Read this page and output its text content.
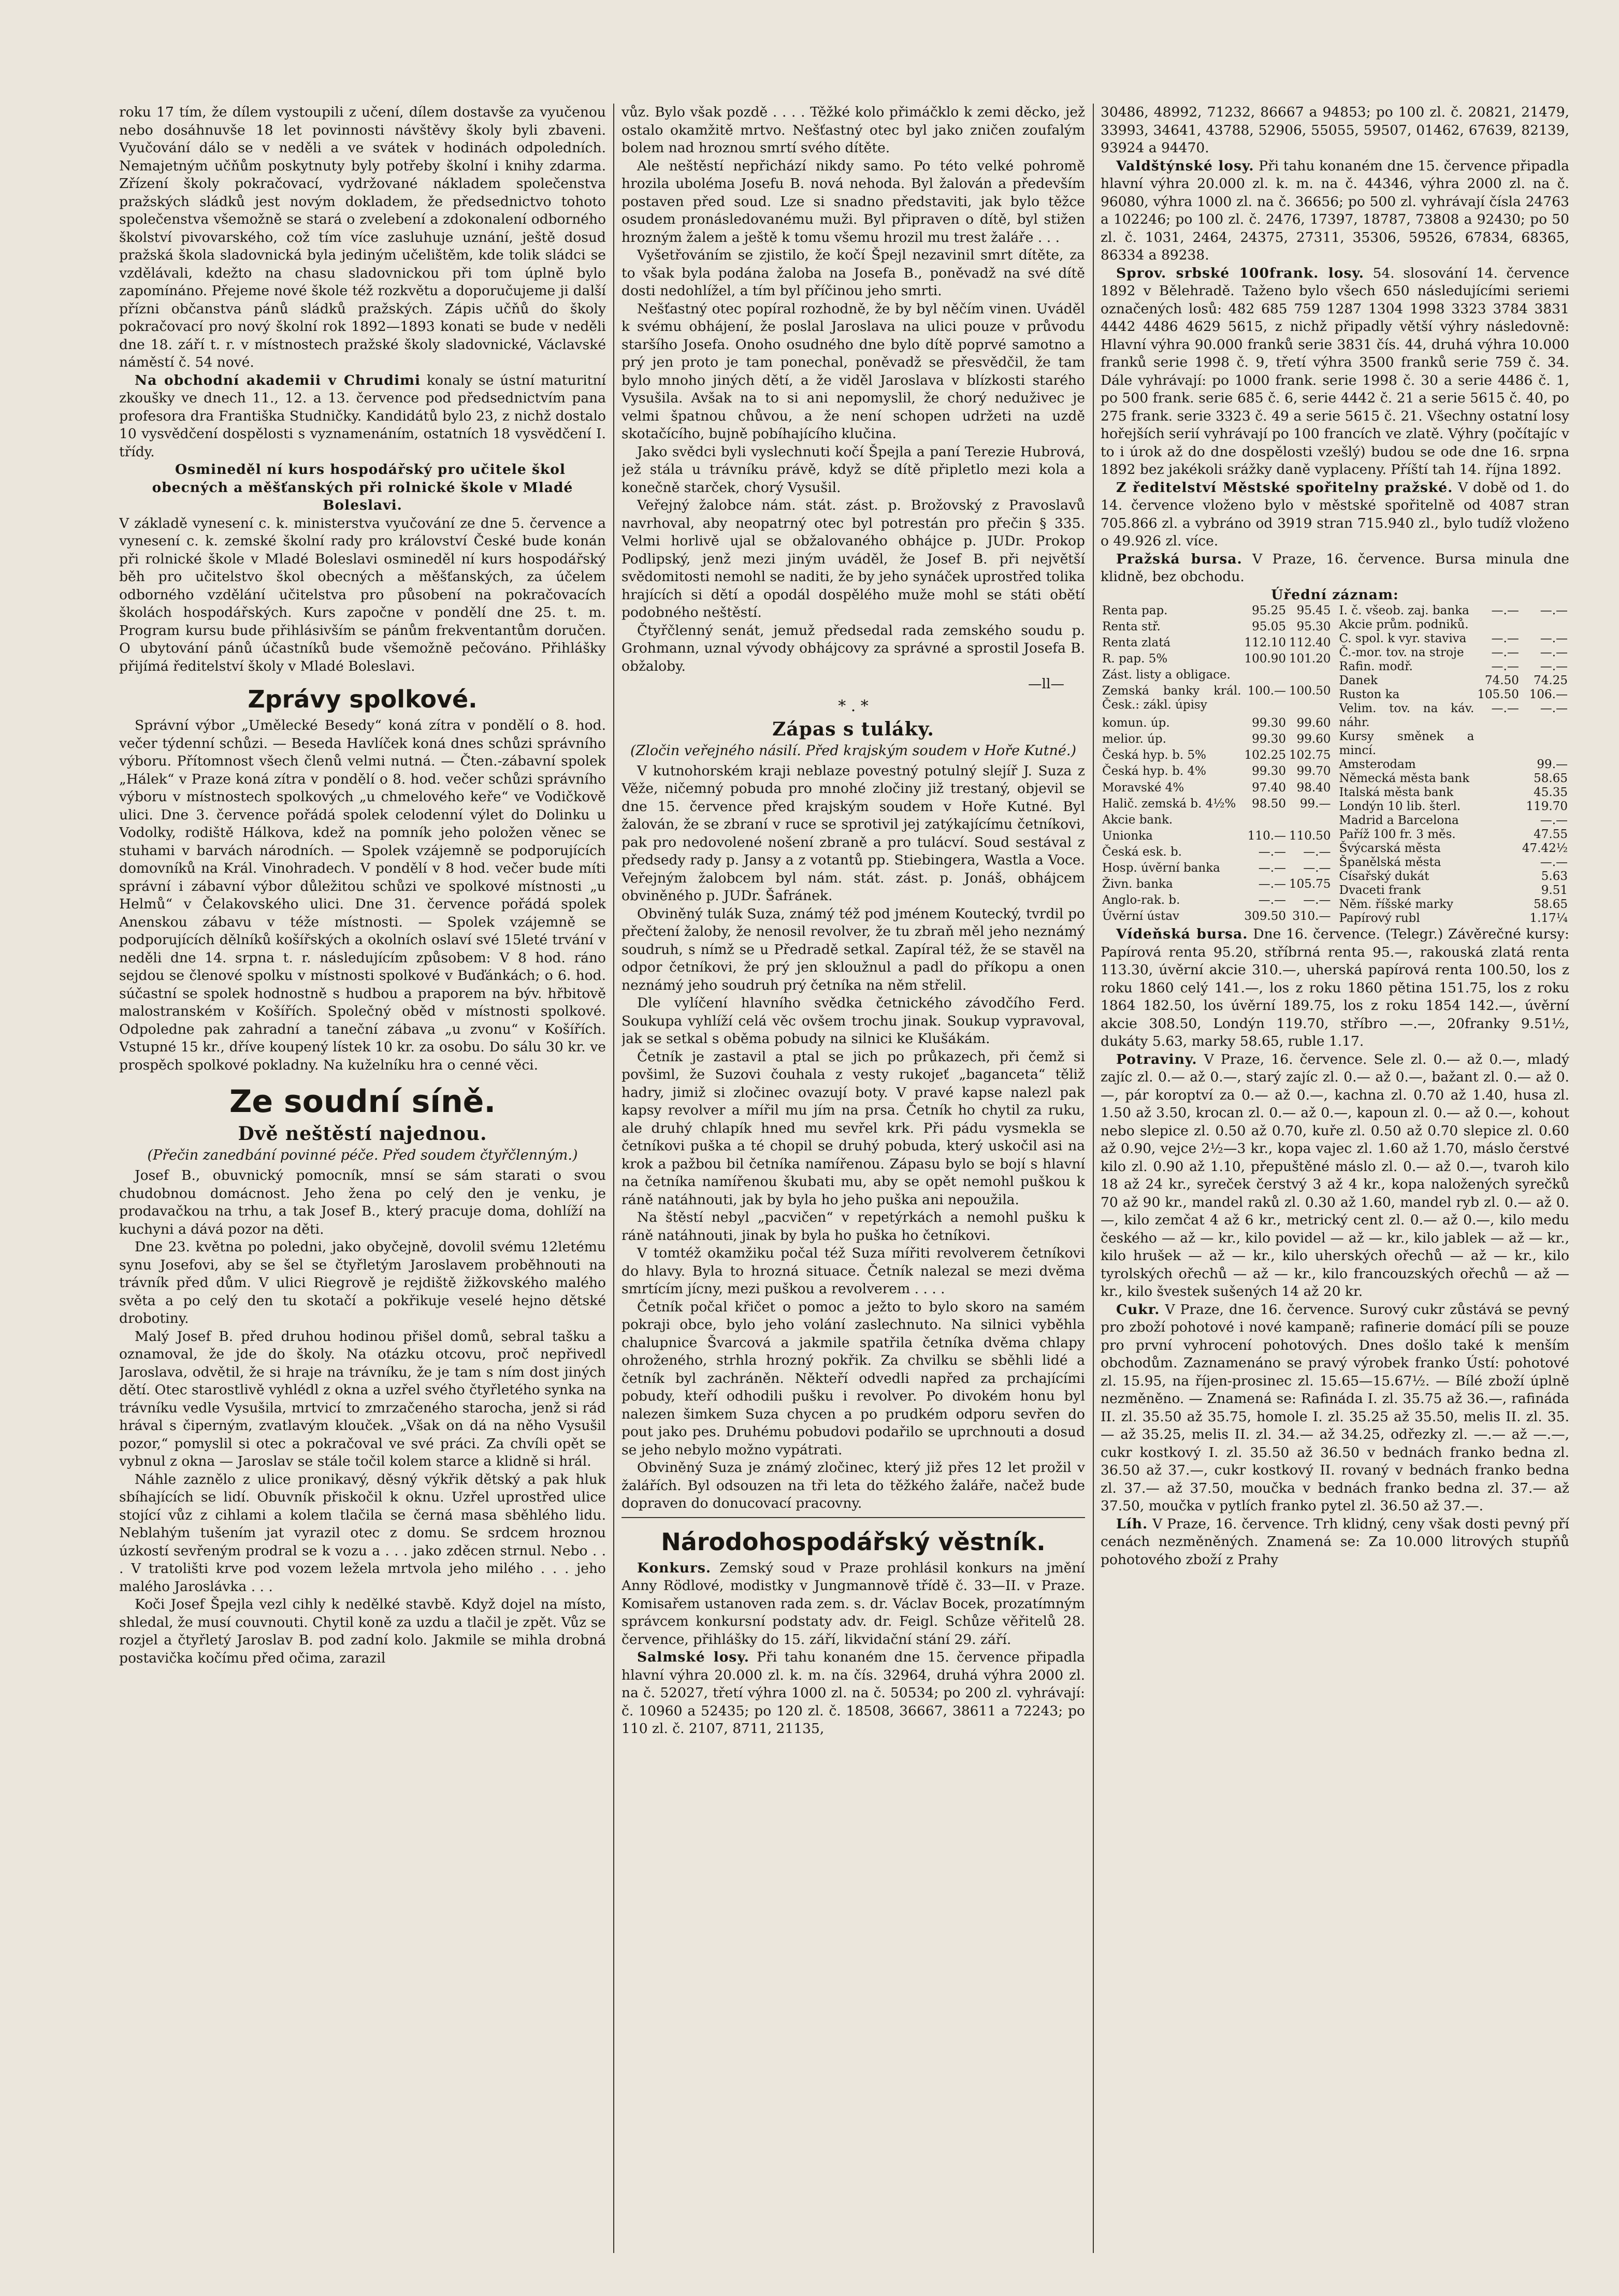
roku 17 tím, že dílem vystoupili z učení, dílem dostavše za vyučenou nebo dosáhnuvše 18 let povinnosti návštěvy školy byli zbaveni. Vyučování dálo se v neděli a ve svátek v hodinách odpoledních. Nemajetným učňům poskytnuty byly potřeby školní i knihy zdarma. Zřízení školy pokračovací, vydržované nákladem společenstva pražských sládků jest novým dokladem, že předsednictvo tohoto společenstva všemožně se stará o zvelebení a zdokonalení odborného školství pivovarského, což tím více zasluhuje uznání, ještě dosud pražská škola sladovnická byla jediným učelištěm, kde tolik sládci se vzdělávali, kdežto na chasu sladovnickou při tom úplně bylo zapomínáno. Přejeme nové škole též rozkvětu a doporučujeme ji další přízni občanstva pánů sládků pražských. Zápis učňů do školy pokračovací pro nový školní rok 1892—1893 konati se bude v neděli dne 18. září t. r. v místnostech pražské školy sladovnické, Václavské náměstí č. 54 nové.

Na obchodní akademii v Chrudimi konaly se ústní maturitní zkoušky ve dnech 11., 12. a 13. července pod předsednictvím pana profesora dra Františka Studničky. Kandidátů bylo 23, z nichž dostalo 10 vysvědčení dospělosti s vyznamenáním, ostatních 18 vysvědčení I. třídy.

Osmineděl ní kurs hospodářský pro učitele škol obecných a měšťanských při rolnické škole v Mladé Boleslavi.

V základě vynesení c. k. ministerstva vyučování ze dne 5. července a vynesení c. k. zemské školní rady pro království České bude konán při rolnické škole v Mladé Boleslavi osmineděl ní kurs hospodářský běh pro učitelstvo škol obecných a měšťanských, za účelem odborného vzdělání učitelstva pro působení na pokračovacích školách hospodářských. Kurs započne v pondělí dne 25. t. m. Program kursu bude přihlásivším se pánům frekventantům doručen. O ubytování pánů účastníků bude všemožně pečováno. Přihlášky přijímá ředitelství školy v Mladé Boleslavi.

Zprávy spolkové.

Správní výbor „Umělecké Besedy“ koná zítra v pondělí o 8. hod. večer týdenní schůzi. — Beseda Havlíček koná dnes schůzi správního výboru. Přítomnost všech členů velmi nutná. — Čten.-zábavní spolek „Hálek“ v Praze koná zítra v pondělí o 8. hod. večer schůzi správního výboru v místnostech spolkových „u chmelového keře“ ve Vodičkově ulici. Dne 3. července pořádá spolek celodenní výlet do Dolinku u Vodolky, rodiště Hálkova, kdež na pomník jeho položen věnec se stuhami v barvách národních. — Spolek vzájemně se podporujících domovníků na Král. Vinohradech. V pondělí v 8 hod. večer bude míti správní i zábavní výbor důležitou schůzi ve spolkové místnosti „u Helmů“ v Čelakovského ulici. Dne 31. července pořádá spolek Anenskou zábavu v téže místnosti. — Spolek vzájemně se podporujících dělníků košířských a okolních oslaví své 15leté trvání v neděli dne 14. srpna t. r. následujícím způsobem: V 8 hod. ráno sejdou se členové spolku v místnosti spolkové v Buďánkách; o 6. hod. súčastní se spolek hodnostně s hudbou a praporem na býv. hřbitově malostranském v Košířích. Společný oběd v místnosti spolkové. Odpoledne pak zahradní a taneční zábava „u zvonu“ v Košířích. Vstupné 15 kr., dříve koupený lístek 10 kr. za osobu. Do sálu 30 kr. ve prospěch spolkové pokladny. Na kuželníku hra o cenné věci.

Ze soudní síně.
Dvě neštěstí najednou.
(Přečin zanedbání povinné péče. Před soudem čtyřčlenným.)

Josef B., obuvnický pomocník, mnsí se sám starati o svou chudobnou domácnost. Jeho žena po celý den je venku, je prodavačkou na trhu, a tak Josef B., který pracuje doma, dohlíží na kuchyni a dává pozor na děti.

Dne 23. května po poledni, jako obyčejně, dovolil svému 12letému synu Josefovi, aby se šel se čtyřletým Jaroslavem proběhnouti na trávník před dům. V ulici Riegrově je rejdiště žižkovského malého světa a po celý den tu skotačí a pokřikuje veselé hejno dětské drobotiny.

Malý Josef B. před druhou hodinou přišel domů, sebral tašku a oznamoval, že jde do školy. Na otázku otcovu, proč nepřivedl Jaroslava, odvětil, že si hraje na trávníku, že je tam s ním dost jiných dětí. Otec starostlivě vyhlédl z okna a uzřel svého čtyřletého synka na trávníku vedle Vysušila, mrtvicí to zmrzačeného starocha, jenž si rád hrával s čiperným, zvatlavým klouček. „Však on dá na něho Vysušil pozor,“ pomyslil si otec a pokračoval ve své práci. Za chvíli opět se vybnul z okna — Jaroslav se stále točil kolem starce a klidně si hrál.

Náhle zaznělo z ulice pronikavý, děsný výkřik dětský a pak hluk sbíhajících se lidí. Obuvník přiskočil k oknu. Uzřel uprostřed ulice stojící vůz z cihlami a kolem tlačila se černá masa sběhlého lidu. Neblahým tušením jat vyrazil otec z domu. Se srdcem hroznou úzkostí sevřeným prodral se k vozu a . . . jako zděcen strnul. Nebo . . . V tratolišti krve pod vozem ležela mrtvola jeho milého . . . jeho malého Jaroslávka . . .

Koči Josef Špejla vezl cihly k nedělké stavbě. Když dojel na místo, shledal, že musí couvnouti. Chytil koně za uzdu a tlačil je zpět. Vůz se rozjel a čtyřletý Jaroslav B. pod zadní kolo. Jakmile se mihla drobná postavička kočímu před očima, zarazil

vůz. Bylo však pozdě . . . . Těžké kolo přimáčklo k zemi děcko, jež ostalo okamžitě mrtvo. Nešťastný otec byl jako zničen zoufalým bolem nad hroznou smrtí svého dítěte.

Ale neštěstí nepřichází nikdy samo. Po této velké pohromě hrozila uboléma Josefu B. nová nehoda. Byl žalován a především postaven před soud. Lze si snadno představiti, jak bylo těžce osudem pronásledovanému muži. Byl připraven o dítě, byl stižen hrozným žalem a ještě k tomu všemu hrozil mu trest žaláře . . .

Vyšetřováním se zjistilo, že kočí Špejl nezavinil smrt dítěte, za to však byla podána žaloba na Josefa B., poněvadž na své dítě dosti nedohlížel, a tím byl příčinou jeho smrti.

Nešťastný otec popíral rozhodně, že by byl něčím vinen. Uváděl k svému obhájení, že poslal Jaroslava na ulici pouze v průvodu staršího Josefa. Onoho osudného dne bylo dítě poprvé samotno a prý jen proto je tam ponechal, poněvadž se přesvědčil, že tam bylo mnoho jiných dětí, a že viděl Jaroslava v blízkosti starého Vysušila. Avšak na to si ani nepomyslil, že chorý neduživec je velmi špatnou chůvou, a že není schopen udržeti na uzdě skotačícího, bujně pobíhajícího klučina.

Jako svědci byli vyslechnuti kočí Špejla a paní Terezie Hubrová, jež stála u trávníku právě, když se dítě připletlo mezi kola a konečně starček, chorý Vysušil.

Veřejný žalobce nám. stát. zást. p. Brožovský z Pravoslavů navrhoval, aby neopatrný otec byl potrestán pro přečin § 335. Velmi horlivě ujal se obžalovaného obhájce p. JUDr. Prokop Podlipský, jenž mezi jiným uváděl, že Josef B. při největší svědomitosti nemohl se naditi, že by jeho synáček uprostřed tolika hrajících si dětí a opodál dospělého muže mohl se státi obětí podobného neštěstí.

Čtyřčlenný senát, jemuž předsedal rada zemského soudu p. Grohmann, uznal vývody obhájcovy za správné a sprostil Josefa B. obžaloby.

—ll—
* . *
Zápas s tuláky.
(Zločin veřejného násilí. Před krajským soudem v Hoře Kutné.)

V kutnohorském kraji neblaze povestný potulný slejíř J. Suza z Věže, ničemný pobuda pro mnohé zločiny již trestaný, objevil se dne 15. července před krajským soudem v Hoře Kutné. Byl žalován, že se zbraní v ruce se sprotivil jej zatýkajícímu četníkovi, pak pro nedovolené nošení zbraně a pro tulácví. Soud sestával z předsedy rady p. Jansy a z votantů pp. Stiebingera, Wastla a Voce. Veřejným žalobcem byl nám. stát. zást. p. Jonáš, obhájcem obviněného p. JUDr. Šafránek.

Obviněný tulák Suza, známý též pod jménem Koutecký, tvrdil po přečtení žaloby, že nenosil revolver, že tu zbraň měl jeho neznámý soudruh, s nímž se u Předradě setkal. Zapíral též, že se stavěl na odpor četníkovi, že prý jen skloužnul a padl do příkopu a onen neznámý jeho soudruh prý četníka na něm střelil.

Dle vylíčení hlavního svědka četnického závodčího Ferd. Soukupa vyhlíží celá věc ovšem trochu jinak. Soukup vypravoval, jak se setkal s oběma pobudy na silnici ke Klušákám.

Četník je zastavil a ptal se jich po průkazech, při čemž si povšiml, že Suzovi čouhala z vesty rukojeť „baganceta“ těliž hadry, jimiž si zločinec ovazují boty. V pravé kapse nalezl pak kapsy revolver a mířil mu jím na prsa. Četník ho chytil za ruku, ale druhý chlapík hned mu sevřel krk. Při pádu vysmekla se četníkovi puška a té chopil se druhý pobuda, který uskočil asi na krok a pažbou bil četníka namířenou. Zápasu bylo se bojí s hlavní na četníka namířenou škubati mu, aby se opět nemohl puškou k ráně natáhnouti, jak by byla ho jeho puška ani nepoužila.

Na štěstí nebyl „pacvičen“ v repetýrkách a nemohl pušku k ráně natáhnouti, jinak by byla ho puška ho četníkovi.

V tomtéž okamžiku počal též Suza mířiti revolverem četníkovi do hlavy. Byla to hrozná situace. Četník nalezal se mezi dvěma smrtícím jícny, mezi puškou a revolverem . . . .

Četník počal křičet o pomoc a ježto to bylo skoro na samém pokraji obce, bylo jeho volání zaslechnuto. Na silnici vyběhla chalupnice Švarcová a jakmile spatřila četníka dvěma chlapy ohroženého, strhla hrozný pokřik. Za chvilku se sběhli lidé a četník byl zachráněn. Někteří odvedli napřed za prchajícími pobudy, kteří odhodili pušku i revolver. Po divokém honu byl nalezen šimkem Suza chycen a po prudkém odporu sevřen do pout jako pes. Druhému pobudovi podařilo se uprchnouti a dosud se jeho nebylo možno vypátrati.

Obviněný Suza je známý zločinec, který již přes 12 let prožil v žalářích. Byl odsouzen na tři leta do těžkého žaláře, načež bude dopraven do donucovací pracovny.

Národohospodářský věstník.

Konkurs. Zemský soud v Praze prohlásil konkurs na jmění Anny Rödlové, modistky v Jungmannově třídě č. 33—II. v Praze. Komisařem ustanoven rada zem. s. dr. Václav Bocek, prozatímným správcem konkursní podstaty adv. dr. Feigl. Schůze věřitelů 28. července, přihlášky do 15. září, likvidační stání 29. září.

Salmské losy. Při tahu konaném dne 15. července připadla hlavní výhra 20.000 zl. k. m. na čís. 32964, druhá výhra 2000 zl. na č. 52027, třetí výhra 1000 zl. na č. 50534; po 200 zl. vyhrávají: č. 10960 a 52435; po 120 zl. č. 18508, 36667, 38611 a 72243; po 110 zl. č. 2107, 8711, 21135,

30486, 48992, 71232, 86667 a 94853; po 100 zl. č. 20821, 21479, 33993, 34641, 43788, 52906, 55055, 59507, 01462, 67639, 82139, 93924 a 94470.

Valdštýnské losy. Při tahu konaném dne 15. července připadla hlavní výhra 20.000 zl. k. m. na č. 44346, výhra 2000 zl. na č. 96080, výhra 1000 zl. na č. 36656; po 500 zl. vyhrávají čísla 24763 a 102246; po 100 zl. č. 2476, 17397, 18787, 73808 a 92430; po 50 zl. č. 1031, 2464, 24375, 27311, 35306, 59526, 67834, 68365, 86334 a 89238.

Sprov. srbské 100frank. losy. 54. slosování 14. července 1892 v Bělehradě. Taženo bylo všech 650 následujícími seriemi označených losů: 482 685 759 1287 1304 1998 3323 3784 3831 4442 4486 4629 5615, z nichž připadly větší výhry následovně: Hlavní výhra 90.000 franků serie 3831 čís. 44, druhá výhra 10.000 franků serie 1998 č. 9, třetí výhra 3500 franků serie 759 č. 34. Dále vyhrávají: po 1000 frank. serie 1998 č. 30 a serie 4486 č. 1, po 500 frank. serie 685 č. 6, serie 4442 č. 21 a serie 5615 č. 40, po 275 frank. serie 3323 č. 49 a serie 5615 č. 21. Všechny ostatní losy hořejších serií vyhrávají po 100 francích ve zlatě. Výhry (počítajíc v to i úrok až do dne dospělosti vzešlý) budou se ode dne 16. srpna 1892 bez jakékoli srážky daně vyplaceny. Příští tah 14. října 1892.

Z ředitelství Městské spořitelny pražské. V době od 1. do 14. července vloženo bylo v městské spořitelně od 4087 stran 705.866 zl. a vybráno od 3919 stran 715.940 zl., bylo tudíž vloženo o 49.926 zl. více.

Pražská bursa. V Praze, 16. července. Bursa minula dne klidně, bez obchodu.

Úřední záznam:
Renta pap.	95.25	95.45
Renta stř.	95.05	95.30
Renta zlatá	112.10	112.40
R. pap. 5%	100.90	101.20
Zást. listy a obligace.		
Zemská banky král. Česk.: zákl. úpisy	100.—	100.50
komun. úp.	99.30	99.60
melior. úp.	99.30	99.60
Česká hyp. b. 5%	102.25	102.75
Česká hyp. b. 4%	99.30	99.70
Moravské 4%	97.40	98.40
Halič. zemská b. 4½%	98.50	99.—
Akcie bank.		
Unionka	110.—	110.50
Česká esk. b.	—.—	—.—
Hosp. úvěrní banka	—.—	—.—
Živn. banka	—.—	105.75
Anglo-rak. b.	—.—	—.—
Úvěrní ústav	309.50	310.—
I. č. všeob. zaj. banka	—.—	—.—
Akcie prům. podniků.		
C. spol. k vyr. staviva	—.—	—.—
Č.-mor. tov. na stroje	—.—	—.—
Rafin. modř.	—.—	—.—
Danek	74.50	74.25
Ruston ka	105.50	106.—
Velim. tov. na káv. náhr.	—.—	—.—
Kursy směnek a mincí.		
Amsterodam		99.—
Německá města bank		58.65
Italská města bank		45.35
Londýn 10 lib. šterl.		119.70
Madrid a Barcelona		—.—
Paříž 100 fr. 3 měs.		47.55
Švýcarská města		47.42½
Španělská města		—.—
Císařský dukát		5.63
Dvaceti frank		9.51
Něm. říšské marky		58.65
Papírový rubl		1.17¼

Vídeňská bursa. Dne 16. července. (Telegr.) Závěrečné kursy: Papírová renta 95.20, stříbrná renta 95.—, rakouská zlatá renta 113.30, úvěrní akcie 310.—, uherská papírová renta 100.50, los z roku 1860 celý 141.—, los z roku 1860 pětina 151.75, los z roku 1864 182.50, los úvěrní 189.75, los z roku 1854 142.—, úvěrní akcie 308.50, Londýn 119.70, stříbro —.—, 20franky 9.51½, dukáty 5.63, marky 58.65, ruble 1.17.

Potraviny. V Praze, 16. července. Sele zl. 0.— až 0.—, mladý zajíc zl. 0.— až 0.—, starý zajíc zl. 0.— až 0.—, bažant zl. 0.— až 0.—, pár koroptví za 0.— až 0.—, kachna zl. 0.70 až 1.40, husa zl. 1.50 až 3.50, krocan zl. 0.— až 0.—, kapoun zl. 0.— až 0.—, kohout nebo slepice zl. 0.50 až 0.70, kuře zl. 0.50 až 0.70 slepice zl. 0.60 až 0.90, vejce 2½—3 kr., kopa vajec zl. 1.60 až 1.70, máslo čerstvé kilo zl. 0.90 až 1.10, přepuštěné máslo zl. 0.— až 0.—, tvaroh kilo 18 až 24 kr., syreček čerstvý 3 až 4 kr., kopa naložených syrečků 70 až 90 kr., mandel raků zl. 0.30 až 1.60, mandel ryb zl. 0.— až 0.—, kilo zemčat 4 až 6 kr., metrický cent zl. 0.— až 0.—, kilo medu českého — až — kr., kilo povidel — až — kr., kilo jablek — až — kr., kilo hrušek — až — kr., kilo uherských ořechů — až — kr., kilo tyrolských ořechů — až — kr., kilo francouzských ořechů — až — kr., kilo švestek sušených 14 až 20 kr.

Cukr. V Praze, dne 16. července. Surový cukr zůstává se pevný pro zboží pohotové i nové kampaně; rafinerie domácí píli se pouze pro první vyhrocení pohotových. Dnes došlo také k menším obchodům. Zaznamenáno se pravý výrobek franko Ústí: pohotové zl. 15.95, na říjen-prosinec zl. 15.65—15.67½. — Bílé zboží úplně nezměněno. — Znamená se: Rafináda I. zl. 35.75 až 36.—, rafináda II. zl. 35.50 až 35.75, homole I. zl. 35.25 až 35.50, melis II. zl. 35.— až 35.25, melis II. zl. 34.— až 34.25, odřezky zl. —.— až —.—, cukr kostkový I. zl. 35.50 až 36.50 v bednách franko bedna zl. 36.50 až 37.—, cukr kostkový II. rovaný v bednách franko bedna zl. 37.— až 37.50, moučka v bednách franko bedna zl. 37.— až 37.50, moučka v pytlích franko pytel zl. 36.50 až 37.—.

Líh. V Praze, 16. července. Trh klidný, ceny však dosti pevný pří cenách nezměněných. Znamená se: Za 10.000 litrových stupňů pohotového zboží z Prahy
